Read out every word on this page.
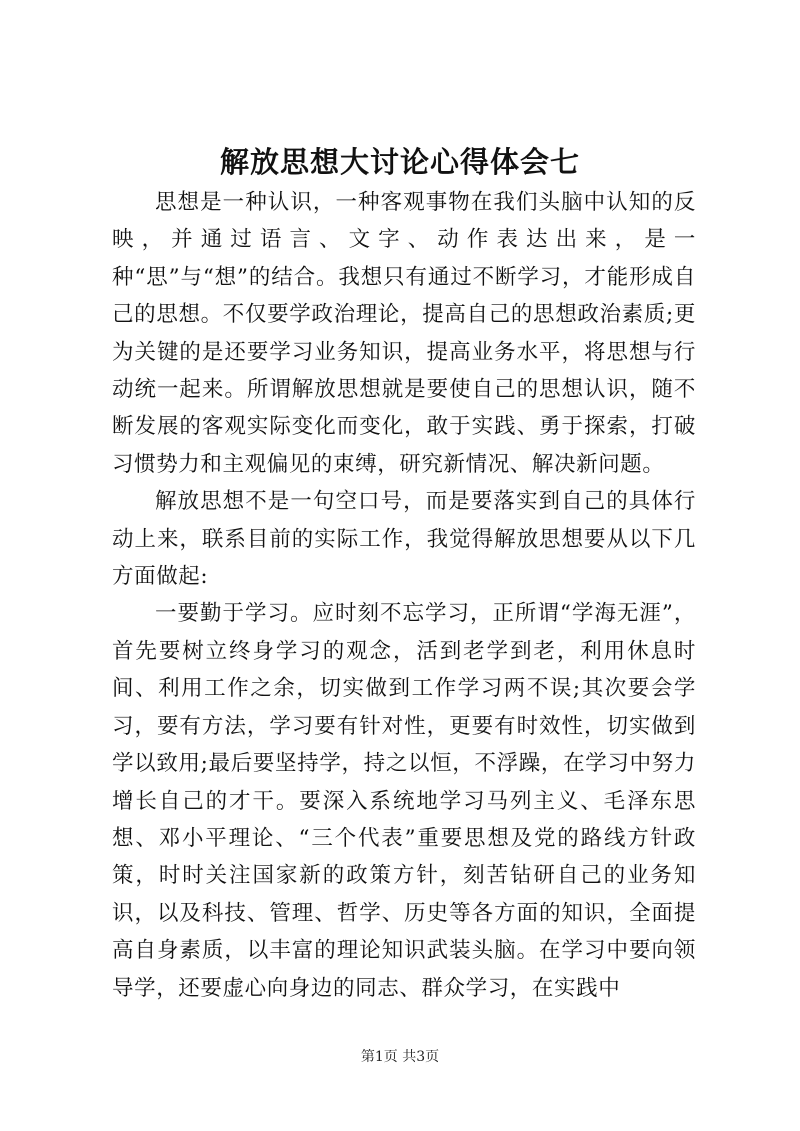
解放思想大讨论心得体会七

思想是一种认识，一种客观事物在我们头脑中认知的反映，并通过语言、文字、动作表达出来，是一种“思”与“想”的结合。我想只有通过不断学习，才能形成自己的思想。不仅要学政治理论，提高自己的思想政治素质;更为关键的是还要学习业务知识，提高业务水平，将思想与行动统一起来。所谓解放思想就是要使自己的思想认识，随不断发展的客观实际变化而变化，敢于实践、勇于探索，打破习惯势力和主观偏见的束缚，研究新情况、解决新问题。

解放思想不是一句空口号，而是要落实到自己的具体行动上来，联系目前的实际工作，我觉得解放思想要从以下几方面做起:

一要勤于学习。应时刻不忘学习，正所谓“学海无涯”，首先要树立终身学习的观念，活到老学到老，利用休息时间、利用工作之余，切实做到工作学习两不误;其次要会学习，要有方法，学习要有针对性，更要有时效性，切实做到学以致用;最后要坚持学，持之以恒，不浮躁，在学习中努力增长自己的才干。要深入系统地学习马列主义、毛泽东思想、邓小平理论、“三个代表”重要思想及党的路线方针政策，时时关注国家新的政策方针，刻苦钻研自己的业务知识，以及科技、管理、哲学、历史等各方面的知识，全面提高自身素质，以丰富的理论知识武装头脑。在学习中要向领导学，还要虚心向身边的同志、群众学习，在实践中

第1页 共3页
